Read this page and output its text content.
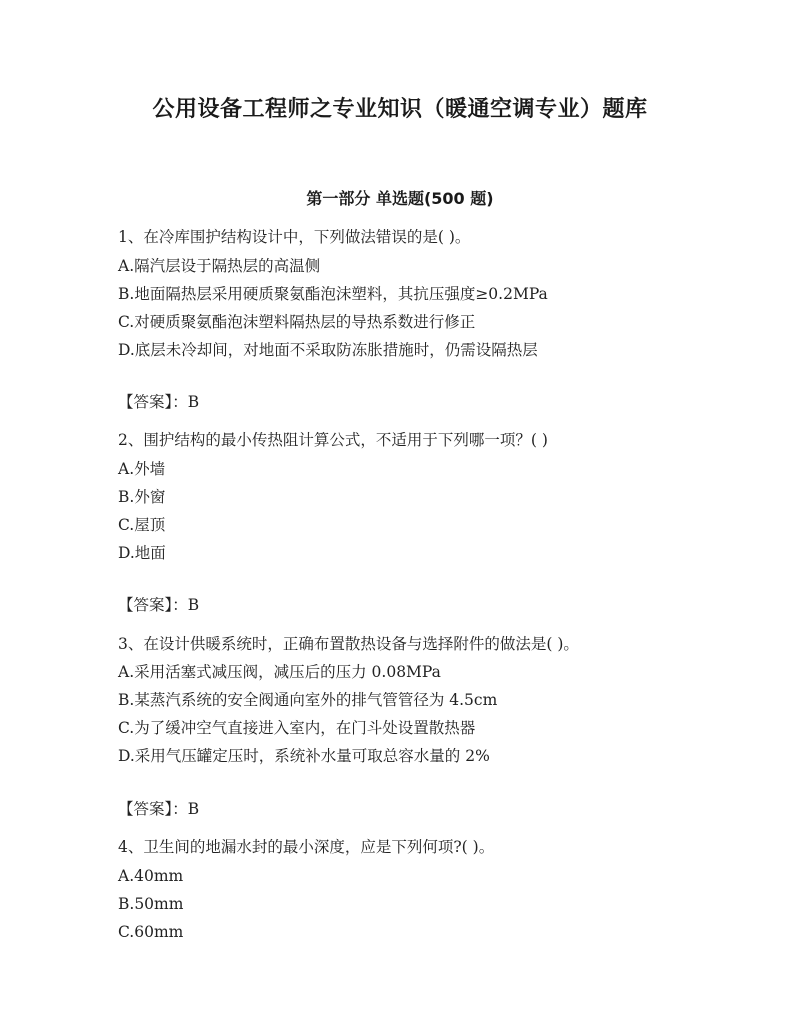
公用设备工程师之专业知识（暖通空调专业）题库
第一部分 单选题(500 题)
1、在冷库围护结构设计中，下列做法错误的是( )。
A.隔汽层设于隔热层的高温侧
B.地面隔热层采用硬质聚氨酯泡沫塑料，其抗压强度≥0.2MPa
C.对硬质聚氨酯泡沫塑料隔热层的导热系数进行修正
D.底层未冷却间，对地面不采取防冻胀措施时，仍需设隔热层
【答案】：B
2、围护结构的最小传热阻计算公式，不适用于下列哪一项？( )
A.外墙
B.外窗
C.屋顶
D.地面
【答案】：B
3、在设计供暖系统时，正确布置散热设备与选择附件的做法是( )。
A.采用活塞式减压阀，减压后的压力 0.08MPa
B.某蒸汽系统的安全阀通向室外的排气管管径为 4.5cm
C.为了缓冲空气直接进入室内，在门斗处设置散热器
D.采用气压罐定压时，系统补水量可取总容水量的 2%
【答案】：B
4、卫生间的地漏水封的最小深度，应是下列何项?( )。
A.40mm
B.50mm
C.60mm
